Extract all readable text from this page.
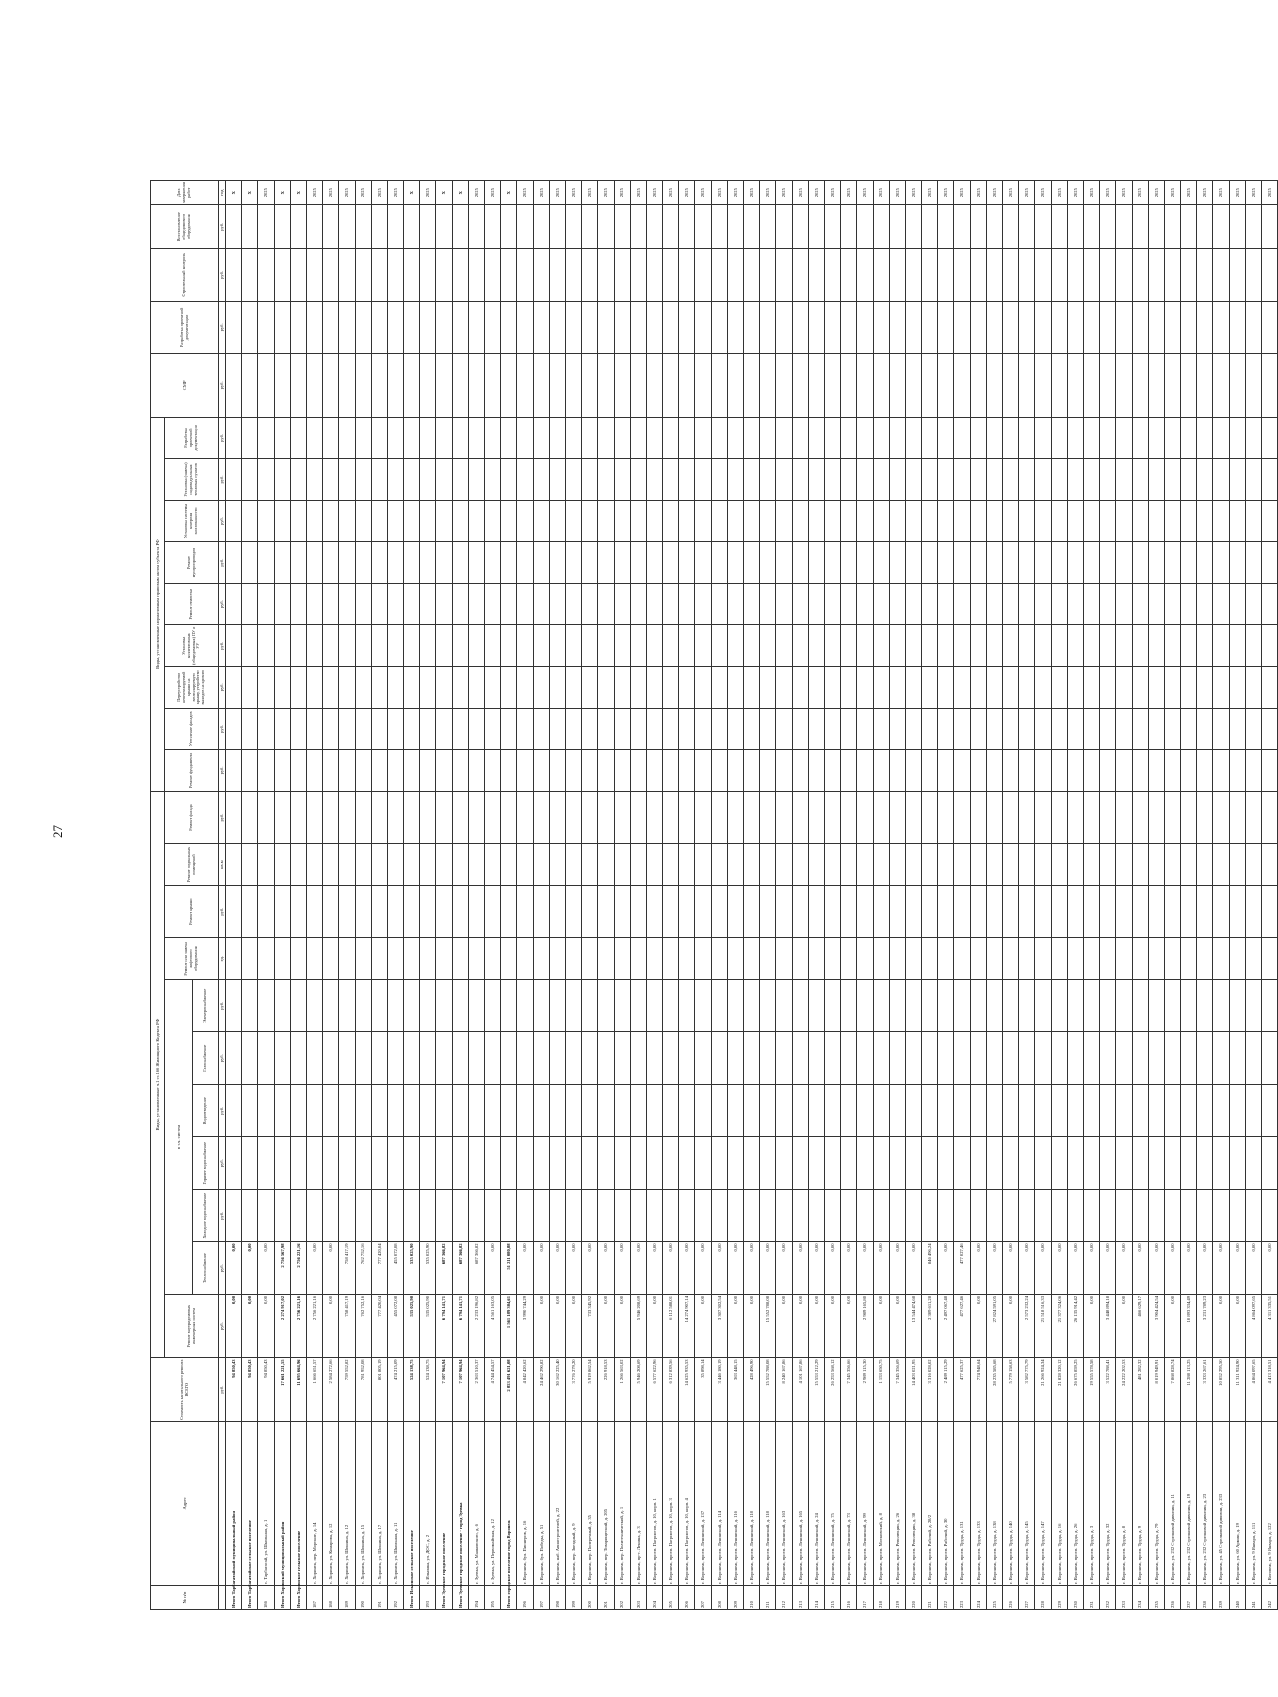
27
№ п/п	Адрес	Стоимость капитального ремонта ВСЕГО	Виды, установленные ч.1 ст.166 Жилищного Кодекса РФ											Виды, установленные нормативным правовым актом субъекта РФ									СМР	Разработка проектной документации	Строительный контроль	Восстановление общедомового оборудования	Дата завершения работ
			Ремонт внутридомовых инженерных систем	в т.ч. систем						Ремонт или замена лифтового оборудования	Ремонт крыши	Ремонт подвальных помещений	Ремонт фасада	Ремонт фундамента	Утепление фасадов	Переустройство невентилируемой крыши на вентилируемую крышу, устройство выходов на кровлю	Установка коллективных (общедомовых) ПУ и УУ	Ремонт отмостки	Ремонт мусоропроводов	Установка системы контроля загазованности	Установка (замена) индивидуальных тепловых пунктов	Разработка проектной документации					
				Теплоснабжение	Холодное водоснабжение	Горячее водоснабжение	Водоотведение	Газоснабжение	Электроснабжение																		
		руб.	руб.	руб.	руб.	руб.	руб.	руб.	руб.	ед.	руб.	кв.м	руб.	руб.	руб.	руб.	руб.	руб.	руб.	руб.	руб.	руб.	руб.	руб.	руб.	руб.	год
Итого Тарбагатайский муниципальный район		94 850,43	0,00	0,00																							X
Итого Тарбагатайское сельское поселение		94 850,43	0,00	0,00																							X
186	с. Тарбагатай, ул. Школьная, д. 1	94 850,43	0,00	0,00																							2025
Итого Хоринский муниципальный район		17 661 221,55	2 274 917,02	2 756 567,98																							X
Итого Хоринское сельское поселение		11 695 664,96	2 756 221,16	2 756 221,16																							X
187	с. Хоринск, пер. Морские, д. 14	1 666 651,57	2 756 221,16	0,00																							2025
188	с. Хоринск, ул. Комарова, д. 12	2 584 272,66	0,00	0,00																							2025
189	с. Хоринск, ул. Шошина, д. 12	759 552,82	758 417,19	758 417,19																							2025
190	с. Хоринск, ул. Шошина, д. 15	781 952,08	762 752,16	762 752,16																							2025
191	с. Хоринск, ул. Шошина, д. 17	801 805,19	777 420,04	777 420,04																							2025
192	с. Хоринск, ул. Школьная, д. 11	474 215,09	455 072,08	455 072,08																							2025
Итого Ильинское сельское поселение		524 138,75	535 025,90	535 025,90																							X
193	с. Ильинка, ул. ДОС, д. 2	524 138,75	535 025,90	535 025,90																							2025
Итого Зуевское городское поселение		7 107 964,94	6 794 141,71	687 366,82																							X
Итого Зуевское городское поселение - город Зуевка		7 107 964,94	6 794 141,71	687 366,82																							X
194	г. Зуевка, ул. Маяковского, д. 6	2 363 510,37	2 233 196,82	687 366,82																							2025
195	г. Зуевка, ул. Первомайская, д. 12	4 744 454,57	4 561 163,05	0,00																							2025
Итого городское поселение город Воронеж		2 853 491 621,08	1 561 189 304,61	51 211 080,88																							X
196	г. Воронеж, бул. Пионеров, д. 16	4 842 420,62	3 990 744,29	0,00																							2025
197	г. Воронеж, бул. Победы, д. 51	24 462 290,82	0,00	0,00																							2025
198	г. Воронеж, наб. Авиастроителей, д. 22	30 162 225,40	0,00	0,00																							2025
199	г. Воронеж, пер. Звездный, д. 9	3 776 279,20	0,00	0,00																							2025
200	г. Воронеж, пер. Поперечный, д. 35	5 919 862,54	733 345,92	0,00																							2025
201	г. Воронеж, пер. Товарищеский, д. 205	226 918,53	0,00	0,00																							2025
202	г. Воронеж, пер. Политехнический, д. 1	1 266 563,02	0,00	0,00																							2025
203	г. Воронеж, пр-т. Ленина, д. 3	5 946 208,69	5 946 208,69	0,00																							2025
204	г. Воронеж, просп. Патриотов, д. 10, корп. 1	6 577 622,96	0,00	0,00																							2025
205	г. Воронеж, просп. Патриотов, д. 10, корп. 3	6 312 839,56	6 112 588,01	0,00																							2025
206	г. Воронеж, просп. Патриотов, д. 10, корп. 4	14 625 935,53	14 274 907,14	0,00																							2025
207	г. Воронеж, просп. Ленинский, д. 137	35 898,14	0,00	0,00																							2025
208	г. Воронеж, просп. Ленинский, д. 114	3 446 180,19	3 307 302,54	0,00																							2025
209	г. Воронеж, просп. Ленинский, д. 116	363 448,15	0,00	0,00																							2025
210	г. Воронеж, просп. Ленинский, д. 118	428 496,90	0,00	0,00																							2025
211	г. Воронеж, просп. Ленинский, д. 118	15 552 788,08	15 552 788,08	0,00																							2025
212	г. Воронеж, просп. Ленинский, д. 163	8 240 167,86	0,00	0,00																							2025
213	г. Воронеж, просп. Ленинский, д. 165	4 101 167,86	0,00	0,00																							2025
214	г. Воронеж, просп. Ленинский, д. 24	15 553 212,29	0,00	0,00																							2025
215	г. Воронеж, просп. Ленинский, д. 75	26 253 568,12	0,00	0,00																							2025
216	г. Воронеж, просп. Ленинский, д. 73	7 345 356,66	0,00	0,00																							2025
217	г. Воронеж, просп. Ленинский, д. 99	2 989 115,30	2 989 165,80	0,00																							2025
218	г. Воронеж, просп. Московский, д. 8	1 153 650,75	0,00	0,00																							2025
219	г. Воронеж, просп. Революции, д. 26	7 345 356,69	0,00	0,00																							2025
220	г. Воронеж, просп. Революции, д. 38	14 403 021,95	13 544 474,68	0,00																							2025
221	г. Воронеж, просп. Рабочий, д. 28/2	3 316 028,02	2 309 611,28	846 496,24																							2025
222	г. Воронеж, просп. Рабочий, д. 30	2 489 115,29	2 497 067,48	0,00																							2025
223	г. Воронеж, просп. Труда, д. 131	477 625,37	477 627,46	477 027,46																							2025
224	г. Воронеж, просп. Труда, д. 133	774 948,64	0,00	0,00																							2025
225	г. Воронеж, просп. Труда, д. 138	28 235 585,68	27 824 591,05	0,00																							2025
226	г. Воронеж, просп. Труда, д. 140	5 779 158,63	0,00	0,00																							2025
227	г. Воронеж, просп. Труда, д. 145	3 582 775,79	2 573 232,24	0,00																							2025
228	г. Воронеж, просп. Труда, д. 147	21 266 924,34	21 518 516,33	0,00																							2025
229	г. Воронеж, просп. Труда, д. 16	21 828 320,12	21 377 324,06	0,00																							2025
230	г. Воронеж, просп. Труда, д. 26	26 675 859,25	26 135 914,42	0,00																							2025
231	г. Воронеж, просп. Труда, д. 3	19 555 578,58	0,00	0,00																							2025
232	г. Воронеж, просп. Труда, д. 32	3 522 788,41	3 448 894,18	0,00																							2025
233	г. Воронеж, просп. Труда, д. 8	24 222 202,53	0,00	0,00																							2025
234	г. Воронеж, просп. Труда, д. 9	481 282,32	466 629,17	0,00																							2025
235	г. Воронеж, просп. Труда, д. 79	8 019 949,91	3 904 424,54	0,00																							2025
236	г. Воронеж, ул. 232 Стрелковой дивизии, д. 11	7 868 828,74	0,00	0,00																							2025
237	г. Воронеж, ул. 232 Стрелковой дивизии, д. 19	11 288 113,25	10 893 334,49	0,00																							2025
238	г. Воронеж, ул. 232 Стрелковой дивизии, д. 23	3 333 267,61	3 231 789,23	0,00																							2025
239	г. Воронеж, ул. 45 Стрелковой дивизии, д. 233	10 852 295,50	0,00	0,00																							2025
240	г. Воронеж, ул. 60 Армии, д. 19	11 311 924,90	0,00	0,00																							2025
241	г. Воронеж, ул. 9 Января, д. 111	4 864 097,65	4 864 097,65	0,00																							2025
242	г. Воronеж, ул. 9 Января, д. 122	4 413 318,51	4 311 335,51	0,00																							2025
